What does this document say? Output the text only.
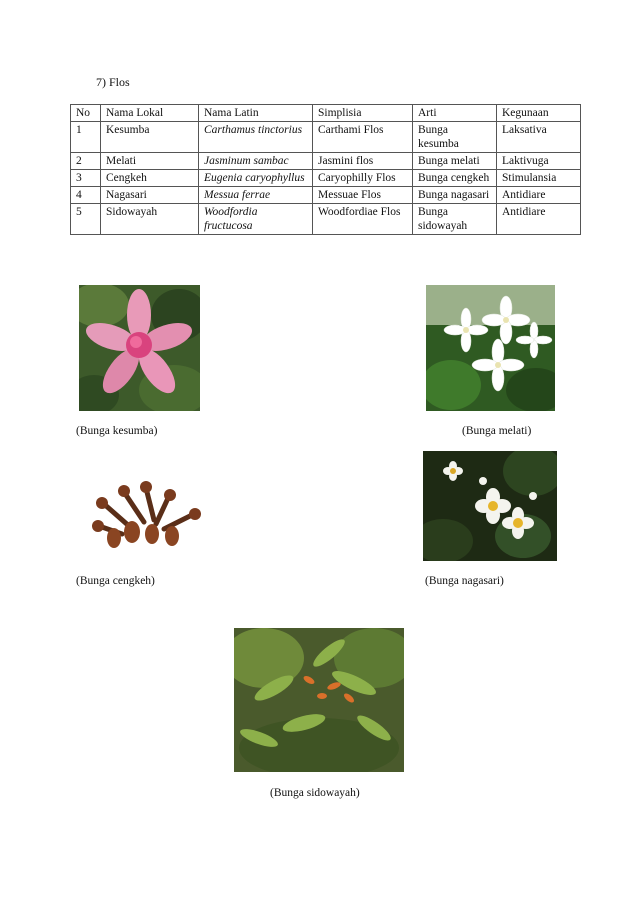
7) Flos
No	Nama Lokal	Nama Latin	Simplisia	Arti	Kegunaan
1	Kesumba	Carthamus tinctorius	Carthami Flos	Bunga kesumba	Laksativa
2	Melati	Jasminum sambac	Jasmini flos	Bunga melati	Laktivuga
3	Cengkeh	Eugenia caryophyllus	Caryophilly Flos	Bunga cengkeh	Stimulansia
4	Nagasari	Messua ferrae	Messuae Flos	Bunga nagasari	Antidiare
5	Sidowayah	Woodfordia fructucosa	Woodfordiae Flos	Bunga sidowayah	Antidiare
(Bunga kesumba)	(Bunga melati)
(Bunga cengkeh)	(Bunga nagasari)
(Bunga sidowayah)
